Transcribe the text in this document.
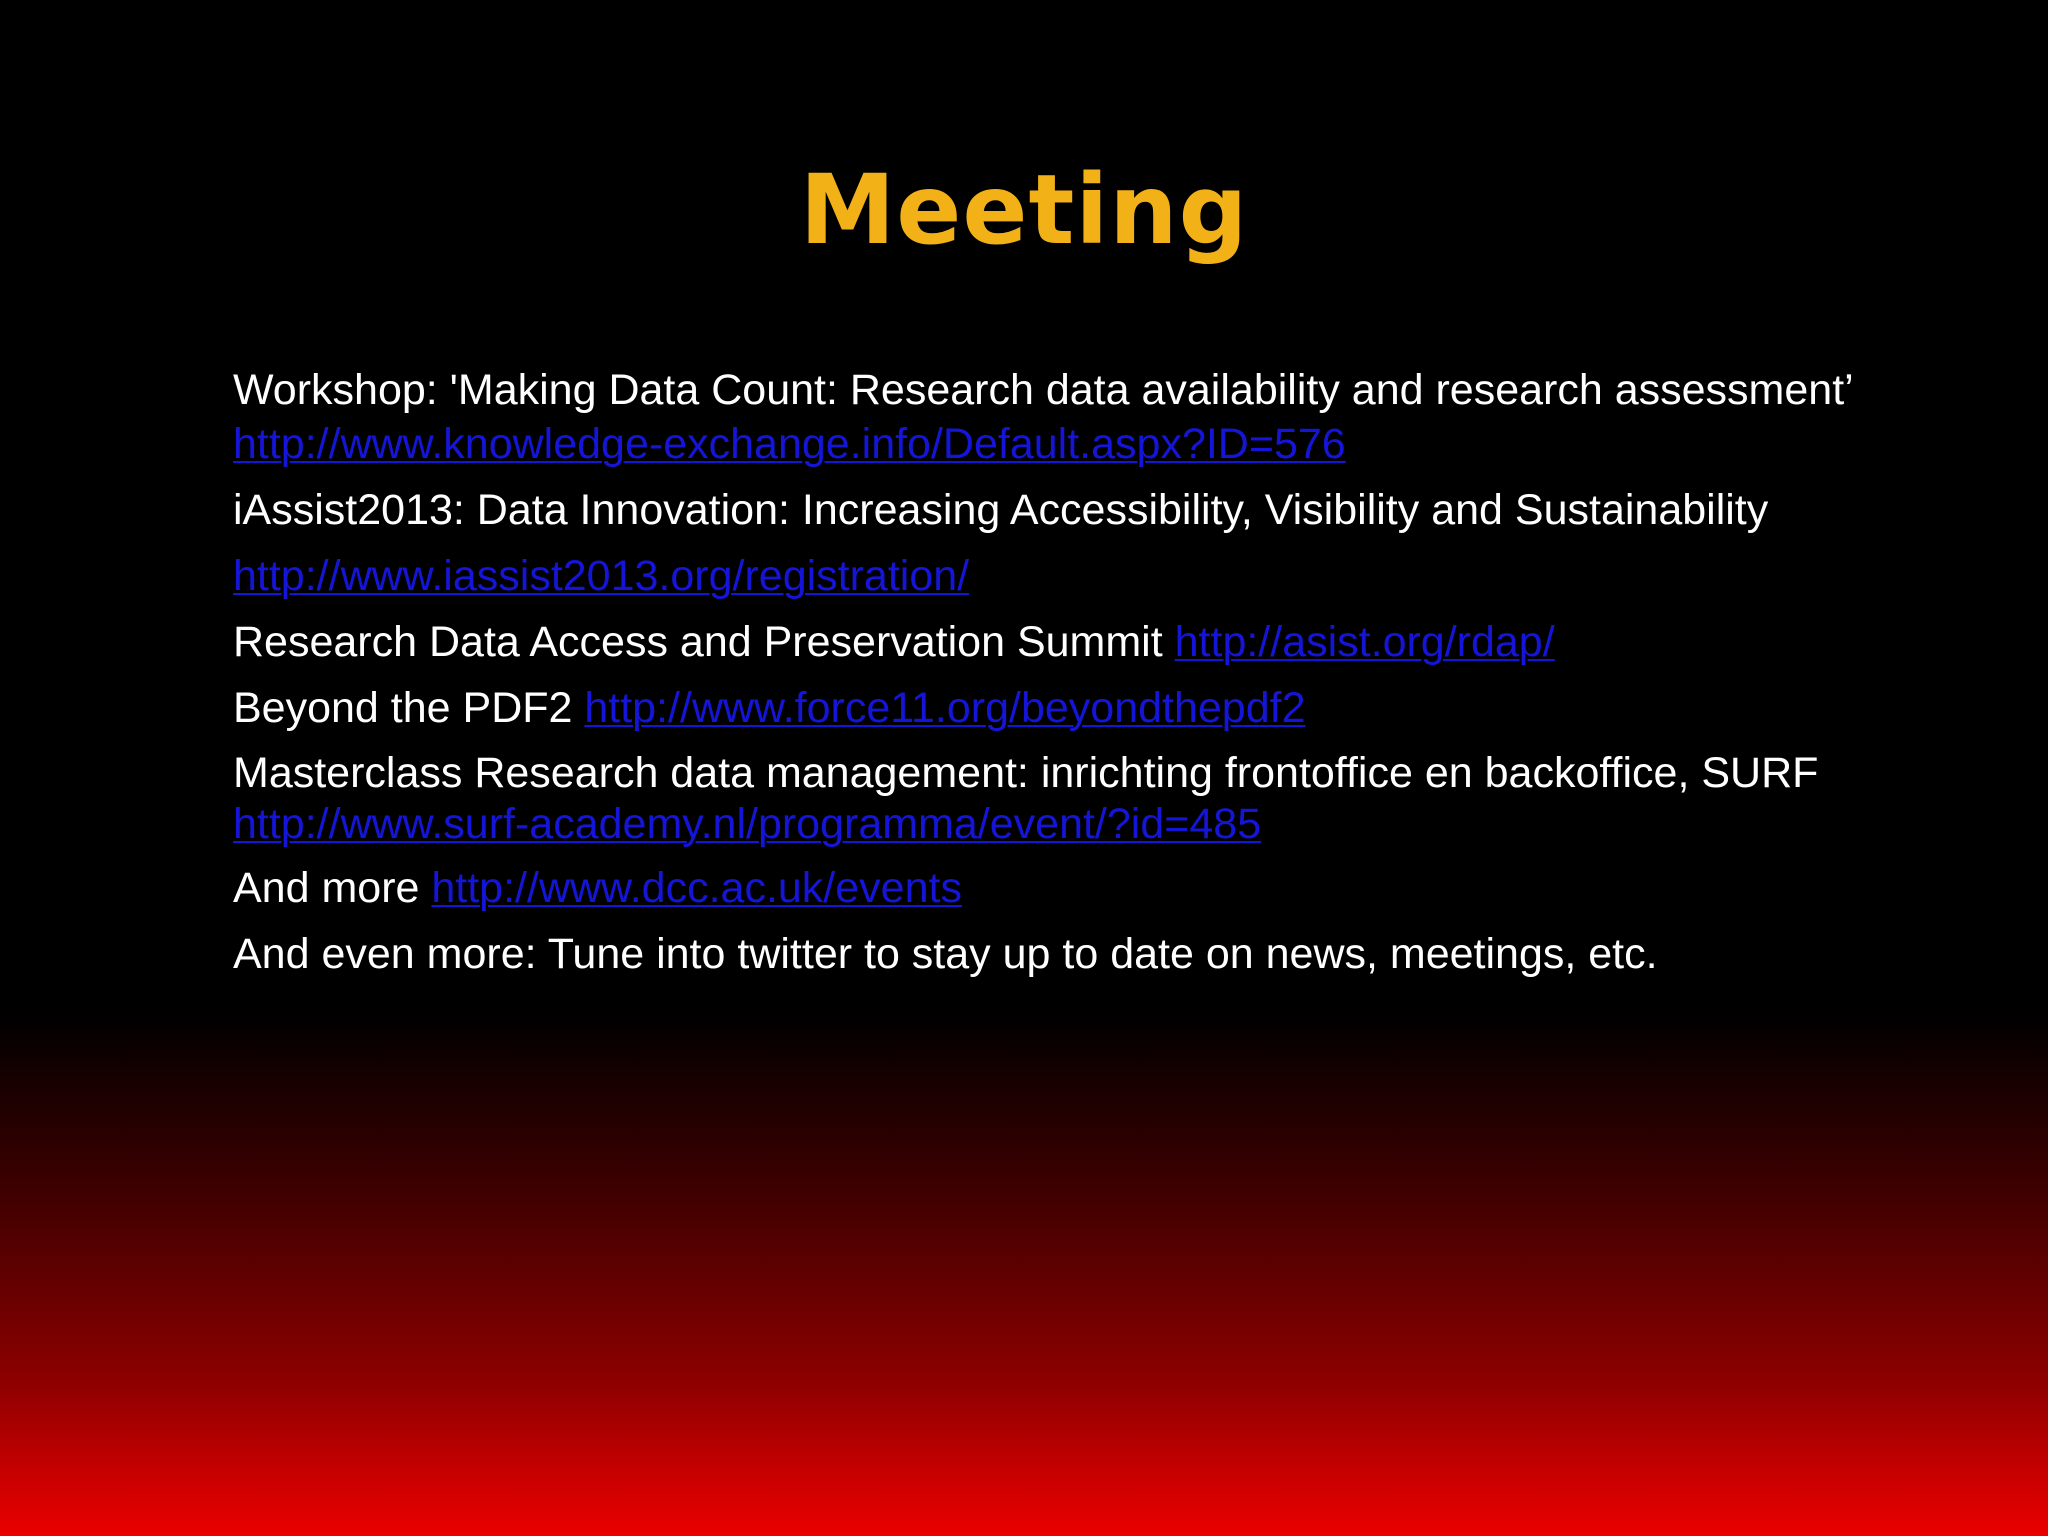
Meeting
Workshop: 'Making Data Count: Research data availability and research assessment’
http://www.knowledge-exchange.info/Default.aspx?ID=576
iAssist2013: Data Innovation: Increasing Accessibility, Visibility and Sustainability
http://www.iassist2013.org/registration/
Research Data Access and Preservation Summit http://asist.org/rdap/
Beyond the PDF2 http://www.force11.org/beyondthepdf2
Masterclass Research data management: inrichting frontoffice en backoffice, SURF
http://www.surf-academy.nl/programma/event/?id=485
And more http://www.dcc.ac.uk/events
And even more: Tune into twitter to stay up to date on news, meetings, etc.
